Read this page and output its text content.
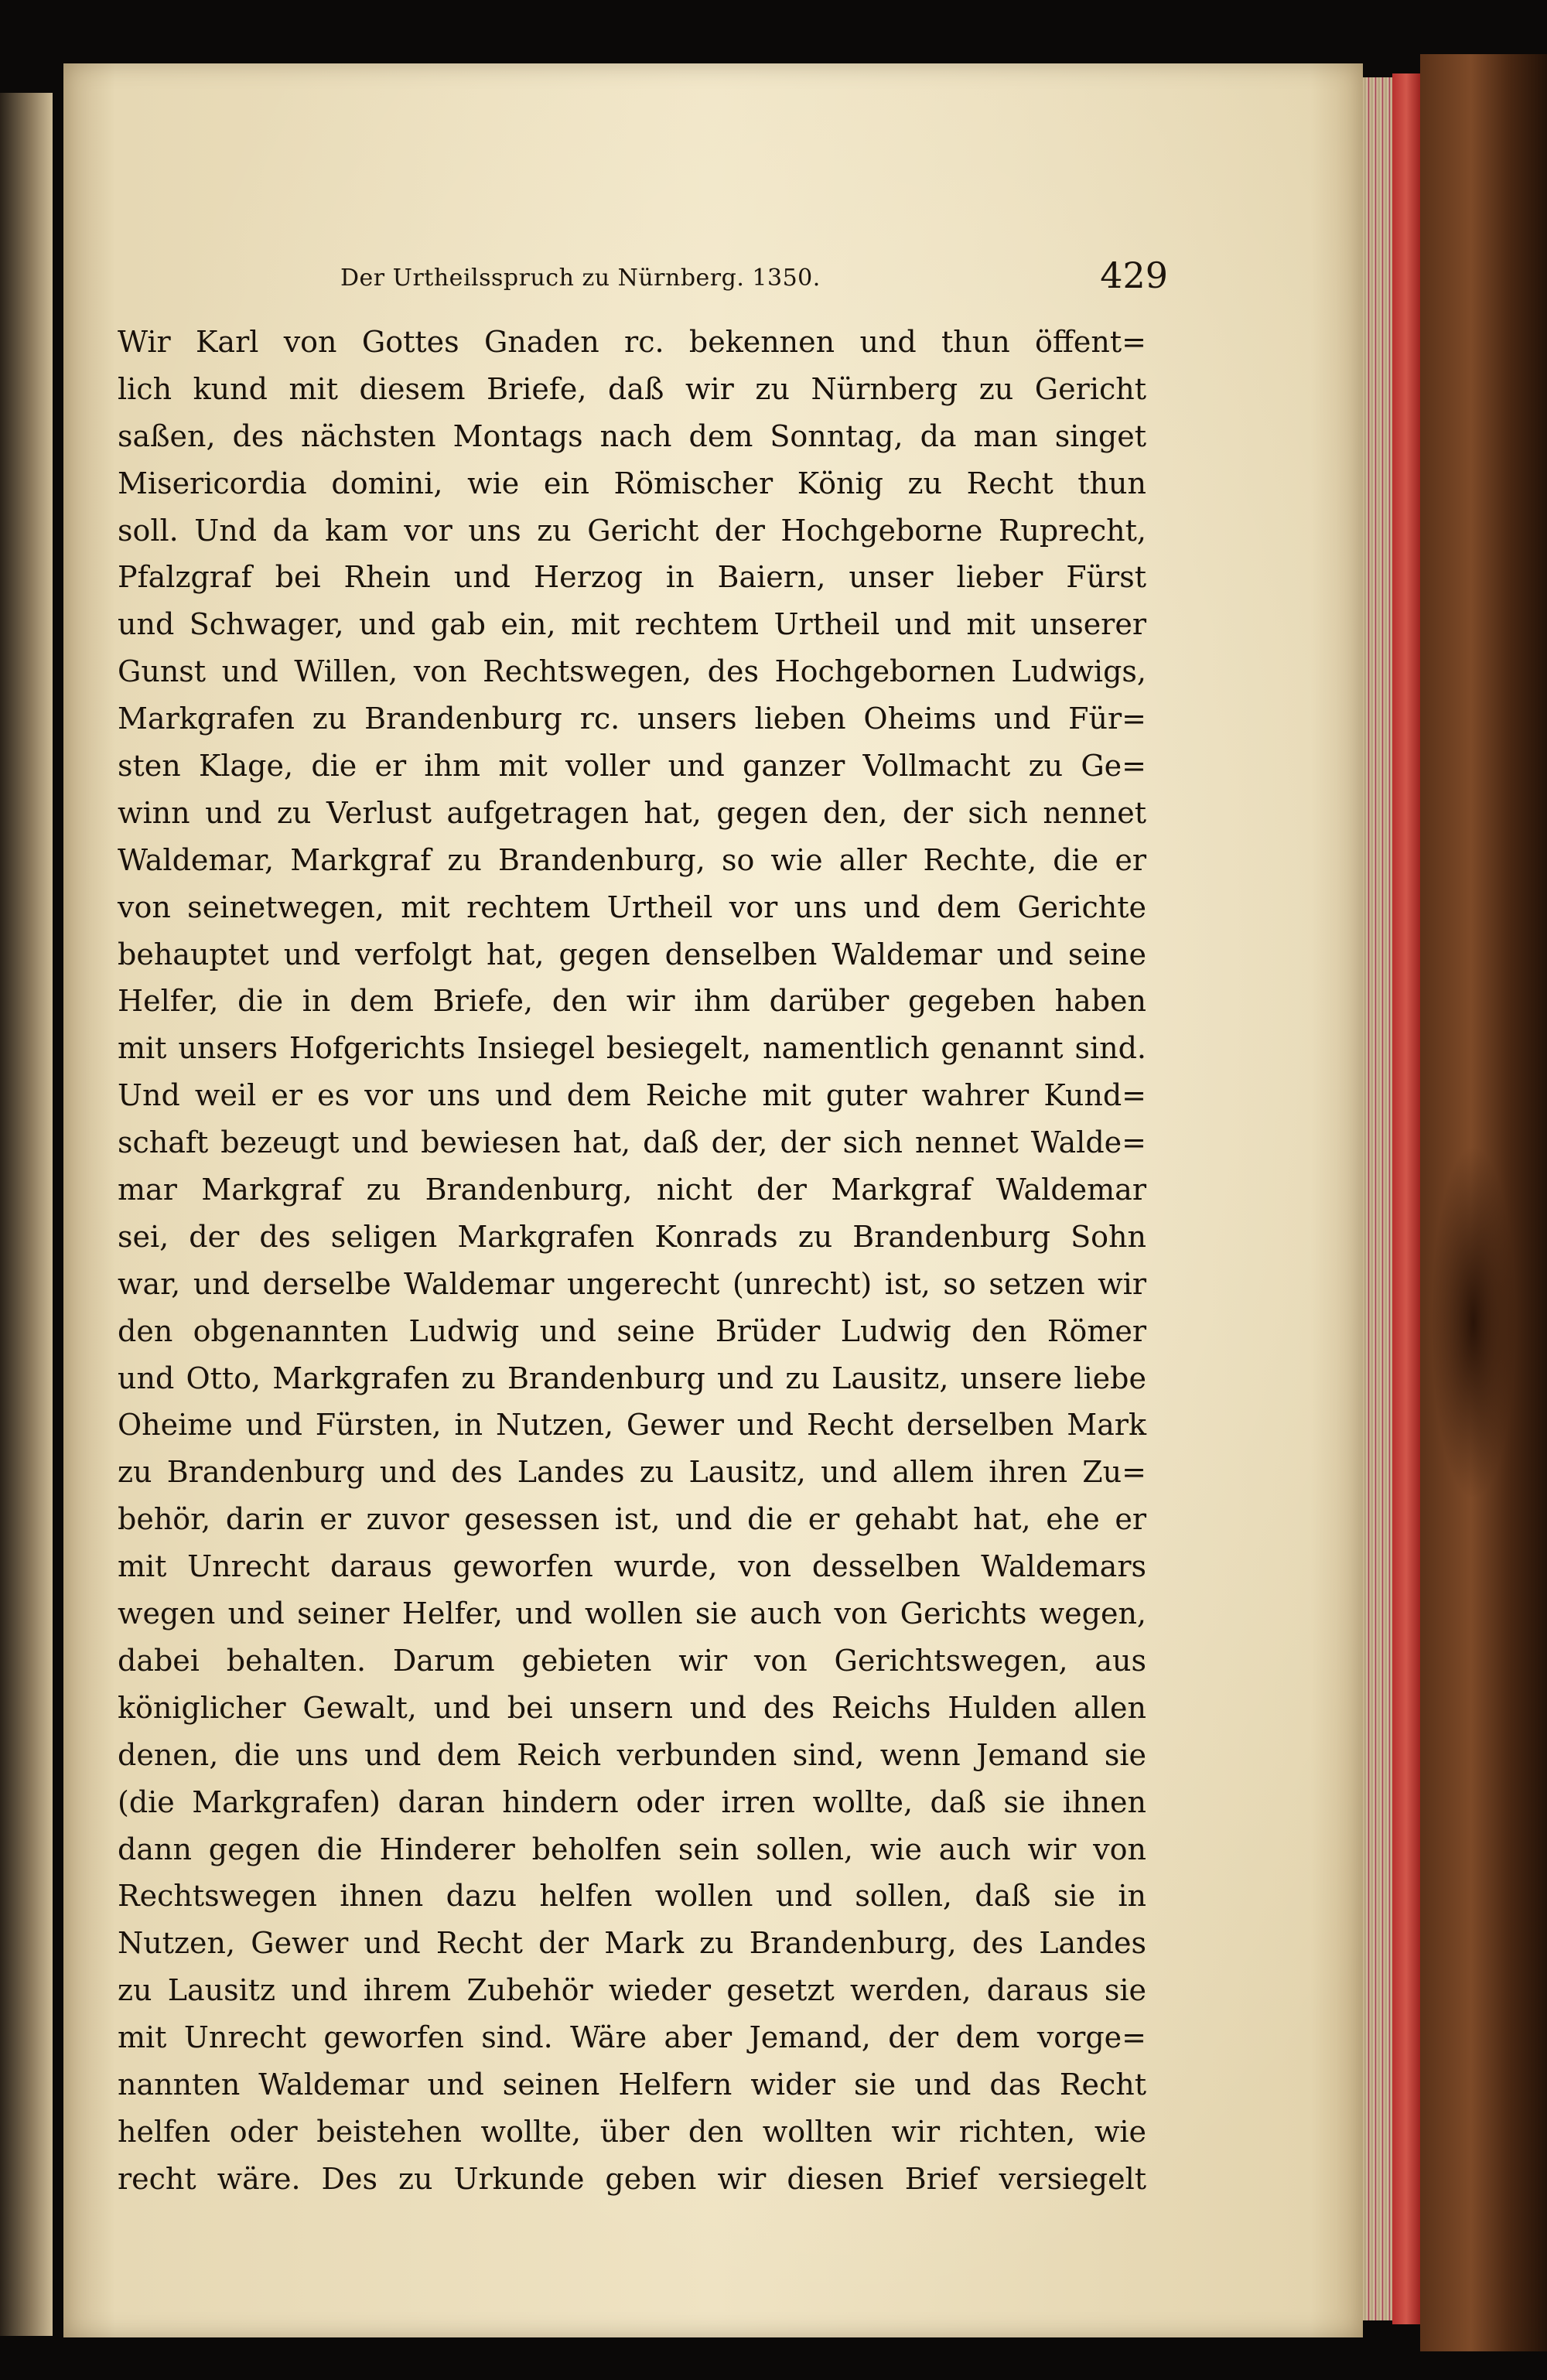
Der Urtheilsspruch zu Nürnberg. 1350.	429
Wir Karl von Gottes Gnaden rc. bekennen und thun öffent=
lich kund mit diesem Briefe, daß wir zu Nürnberg zu Gericht
saßen, des nächsten Montags nach dem Sonntag, da man singet
Misericordia domini, wie ein Römischer König zu Recht thun
soll. Und da kam vor uns zu Gericht der Hochgeborne Ruprecht,
Pfalzgraf bei Rhein und Herzog in Baiern, unser lieber Fürst
und Schwager, und gab ein, mit rechtem Urtheil und mit unserer
Gunst und Willen, von Rechtswegen, des Hochgebornen Ludwigs,
Markgrafen zu Brandenburg rc. unsers lieben Oheims und Für=
sten Klage, die er ihm mit voller und ganzer Vollmacht zu Ge=
winn und zu Verlust aufgetragen hat, gegen den, der sich nennet
Waldemar, Markgraf zu Brandenburg, so wie aller Rechte, die er
von seinetwegen, mit rechtem Urtheil vor uns und dem Gerichte
behauptet und verfolgt hat, gegen denselben Waldemar und seine
Helfer, die in dem Briefe, den wir ihm darüber gegeben haben
mit unsers Hofgerichts Insiegel besiegelt, namentlich genannt sind.
Und weil er es vor uns und dem Reiche mit guter wahrer Kund=
schaft bezeugt und bewiesen hat, daß der, der sich nennet Walde=
mar Markgraf zu Brandenburg, nicht der Markgraf Waldemar
sei, der des seligen Markgrafen Konrads zu Brandenburg Sohn
war, und derselbe Waldemar ungerecht (unrecht) ist, so setzen wir
den obgenannten Ludwig und seine Brüder Ludwig den Römer
und Otto, Markgrafen zu Brandenburg und zu Lausitz, unsere liebe
Oheime und Fürsten, in Nutzen, Gewer und Recht derselben Mark
zu Brandenburg und des Landes zu Lausitz, und allem ihren Zu=
behör, darin er zuvor gesessen ist, und die er gehabt hat, ehe er
mit Unrecht daraus geworfen wurde, von desselben Waldemars
wegen und seiner Helfer, und wollen sie auch von Gerichts wegen,
dabei behalten. Darum gebieten wir von Gerichtswegen, aus
königlicher Gewalt, und bei unsern und des Reichs Hulden allen
denen, die uns und dem Reich verbunden sind, wenn Jemand sie
(die Markgrafen) daran hindern oder irren wollte, daß sie ihnen
dann gegen die Hinderer beholfen sein sollen, wie auch wir von
Rechtswegen ihnen dazu helfen wollen und sollen, daß sie in
Nutzen, Gewer und Recht der Mark zu Brandenburg, des Landes
zu Lausitz und ihrem Zubehör wieder gesetzt werden, daraus sie
mit Unrecht geworfen sind. Wäre aber Jemand, der dem vorge=
nannten Waldemar und seinen Helfern wider sie und das Recht
helfen oder beistehen wollte, über den wollten wir richten, wie
recht wäre. Des zu Urkunde geben wir diesen Brief versiegelt
